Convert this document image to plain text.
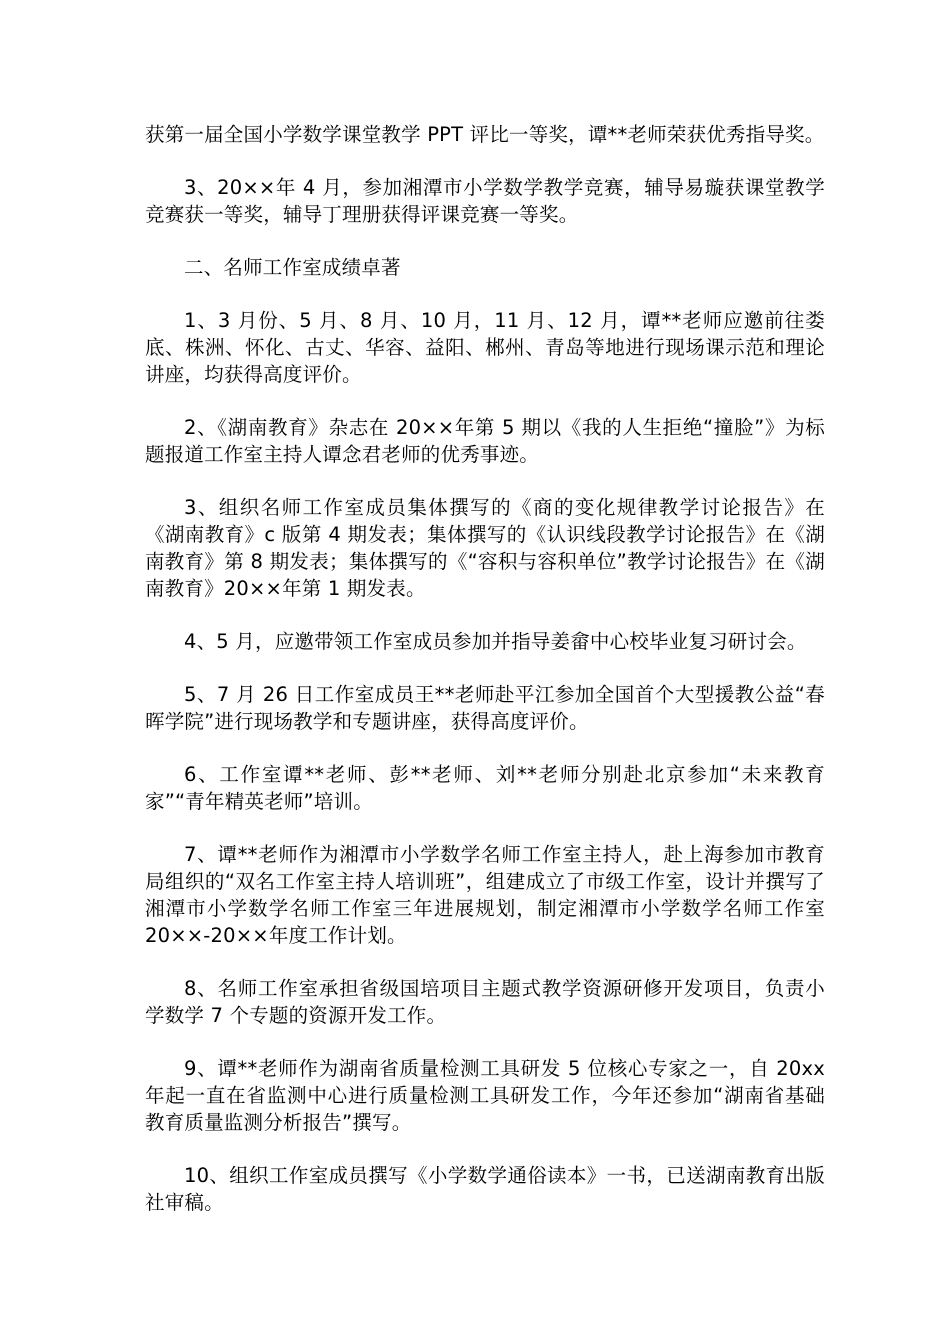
获第一届全国小学数学课堂教学 PPT 评比一等奖，谭**老师荣获优秀指导奖。

3、20××年 4 月，参加湘潭市小学数学教学竞赛，辅导易璇获课堂教学竞赛获一等奖，辅导丁理册获得评课竞赛一等奖。

二、名师工作室成绩卓著

1、3 月份、5 月、8 月、10 月，11 月、12 月，谭**老师应邀前往娄底、株洲、怀化、古丈、华容、益阳、郴州、青岛等地进行现场课示范和理论讲座，均获得高度评价。

2、《湖南教育》杂志在 20××年第 5 期以《我的人生拒绝“撞脸”》为标题报道工作室主持人谭念君老师的优秀事迹。

3、组织名师工作室成员集体撰写的《商的变化规律教学讨论报告》在《湖南教育》c 版第 4 期发表；集体撰写的《认识线段教学讨论报告》在《湖南教育》第 8 期发表；集体撰写的《“容积与容积单位”教学讨论报告》在《湖南教育》20××年第 1 期发表。

4、5 月，应邀带领工作室成员参加并指导姜畲中心校毕业复习研讨会。

5、7 月 26 日工作室成员王**老师赴平江参加全国首个大型援教公益“春晖学院”进行现场教学和专题讲座，获得高度评价。

6、工作室谭**老师、彭**老师、刘**老师分别赴北京参加“未来教育家”“青年精英老师”培训。

7、谭**老师作为湘潭市小学数学名师工作室主持人，赴上海参加市教育局组织的“双名工作室主持人培训班”，组建成立了市级工作室，设计并撰写了湘潭市小学数学名师工作室三年进展规划，制定湘潭市小学数学名师工作室 20××-20××年度工作计划。

8、名师工作室承担省级国培项目主题式教学资源研修开发项目，负责小学数学 7 个专题的资源开发工作。

9、谭**老师作为湖南省质量检测工具研发 5 位核心专家之一，自 20xx 年起一直在省监测中心进行质量检测工具研发工作，今年还参加“湖南省基础教育质量监测分析报告”撰写。

10、组织工作室成员撰写《小学数学通俗读本》一书，已送湖南教育出版社审稿。
